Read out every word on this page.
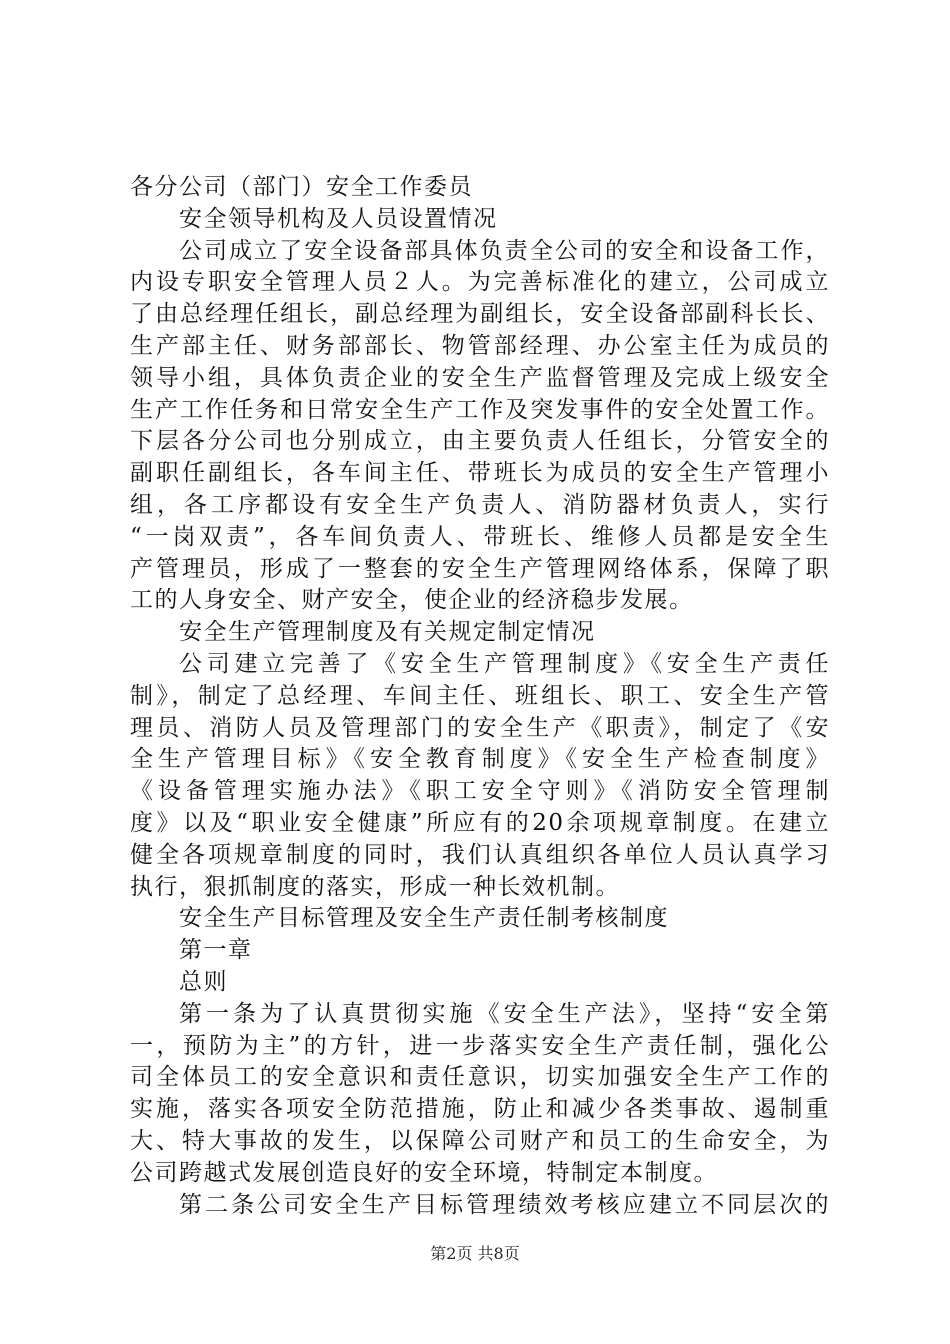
各分公司（部门）安全工作委员
安全领导机构及人员设置情况
公司成立了安全设备部具体负责全公司的安全和设备工作，
内设专职安全管理人员２人。为完善标准化的建立，公司成立
了由总经理任组长，副总经理为副组长，安全设备部副科长长、
生产部主任、财务部部长、物管部经理、办公室主任为成员的
领导小组，具体负责企业的安全生产监督管理及完成上级安全
生产工作任务和日常安全生产工作及突发事件的安全处置工作。
下层各分公司也分别成立，由主要负责人任组长，分管安全的
副职任副组长，各车间主任、带班长为成员的安全生产管理小
组，各工序都设有安全生产负责人、消防器材负责人，实行
“一岗双责”，各车间负责人、带班长、维修人员都是安全生
产管理员，形成了一整套的安全生产管理网络体系，保障了职
工的人身安全、财产安全，使企业的经济稳步发展。
安全生产管理制度及有关规定制定情况
公司建立完善了《安全生产管理制度》《安全生产责任
制》，制定了总经理、车间主任、班组长、职工、安全生产管
理员、消防人员及管理部门的安全生产《职责》，制定了《安
全生产管理目标》《安全教育制度》《安全生产检查制度》
《设备管理实施办法》《职工安全守则》《消防安全管理制
度》以及“职业安全健康”所应有的20余项规章制度。在建立
健全各项规章制度的同时，我们认真组织各单位人员认真学习
执行，狠抓制度的落实，形成一种长效机制。
安全生产目标管理及安全生产责任制考核制度
第一章
总则
第一条为了认真贯彻实施《安全生产法》，坚持“安全第
一，预防为主”的方针，进一步落实安全生产责任制，强化公
司全体员工的安全意识和责任意识，切实加强安全生产工作的
实施，落实各项安全防范措施，防止和减少各类事故、遏制重
大、特大事故的发生，以保障公司财产和员工的生命安全，为
公司跨越式发展创造良好的安全环境，特制定本制度。
第二条公司安全生产目标管理绩效考核应建立不同层次的
第2页 共8页
